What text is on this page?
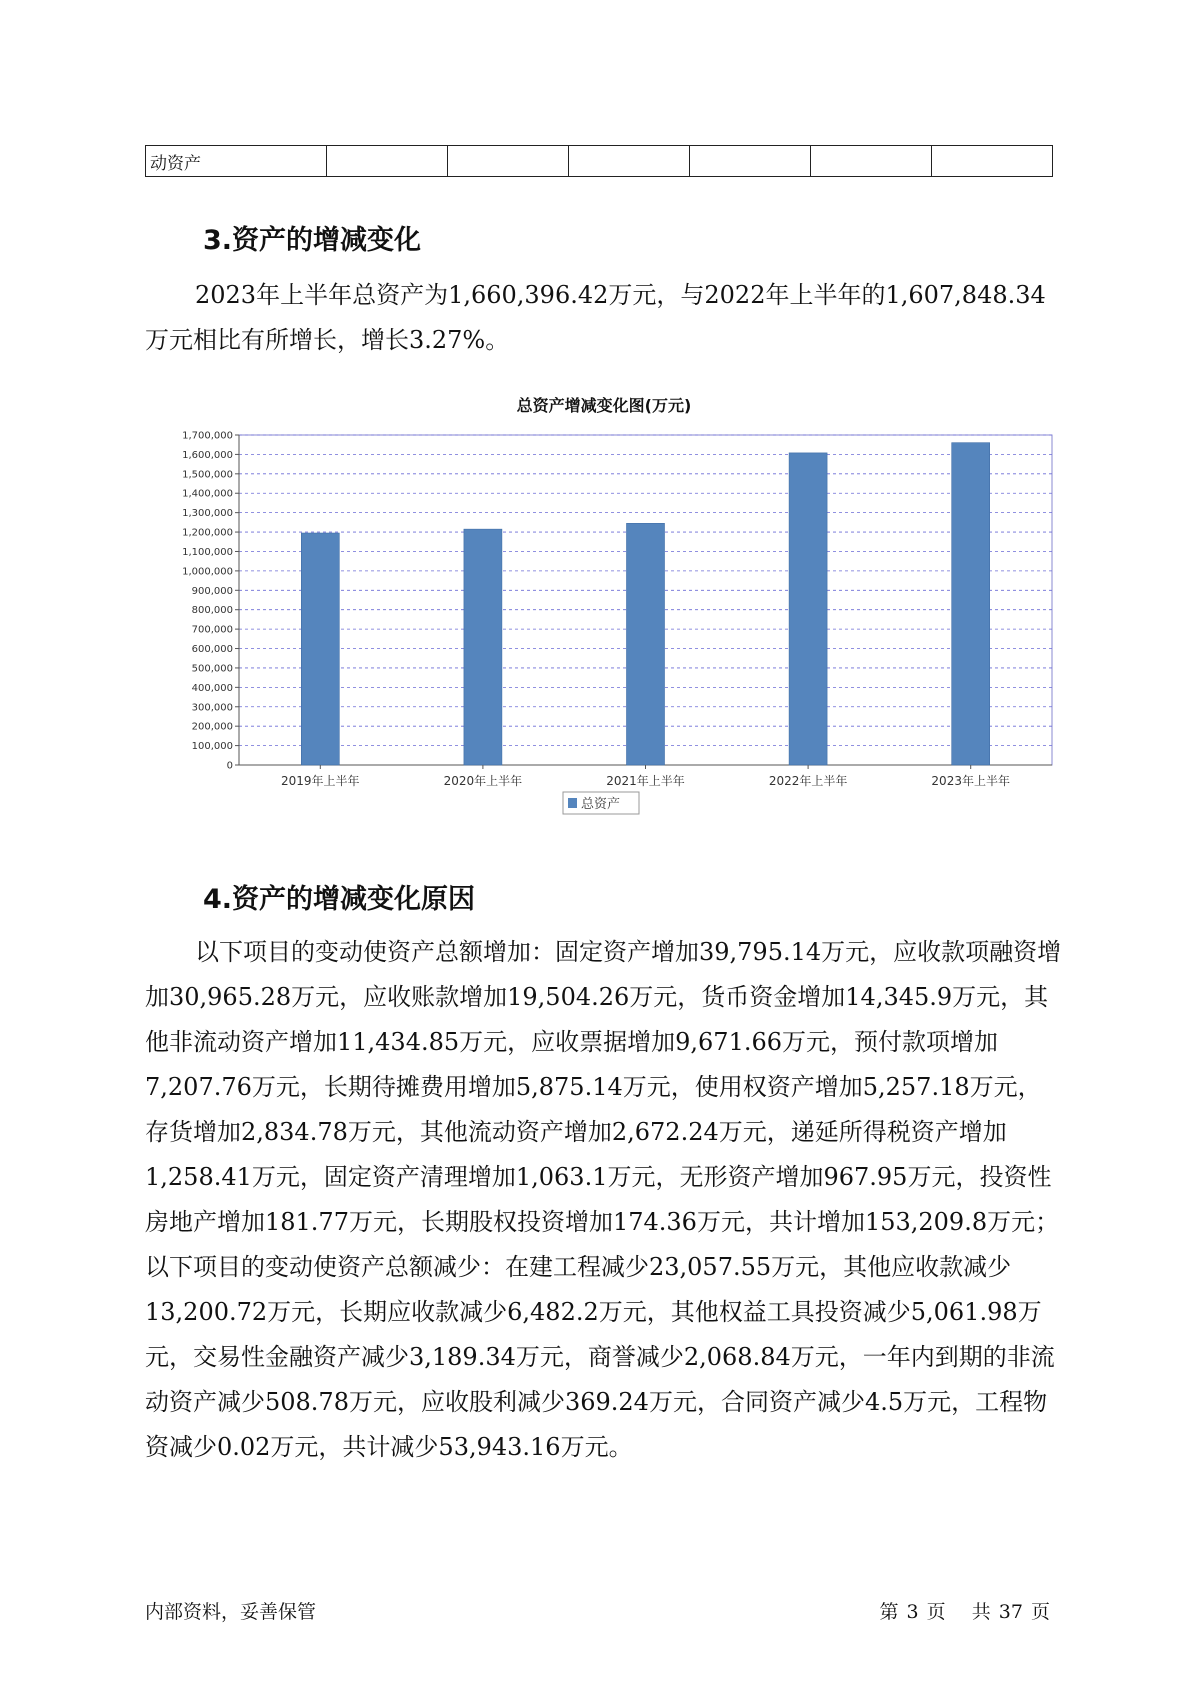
动资产						
3.资产的增减变化

2023年上半年总资产为1,660,396.42万元，与2022年上半年的1,607,848.34万元相比有所增长，增长3.27%。

总资产增减变化图(万元)
0
100,000
200,000
300,000
400,000
500,000
600,000
700,000
800,000
900,000
1,000,000
1,100,000
1,200,000
1,300,000
1,400,000
1,500,000
1,600,000
1,700,000
2019年上半年	2020年上半年	2021年上半年	2022年上半年	2023年上半年
总资产
4.资产的增减变化原因

以下项目的变动使资产总额增加：固定资产增加39,795.14万元，应收款项融资增加30,965.28万元，应收账款增加19,504.26万元，货币资金增加14,345.9万元，其他非流动资产增加11,434.85万元，应收票据增加9,671.66万元，预付款项增加7,207.76万元，长期待摊费用增加5,875.14万元，使用权资产增加5,257.18万元，存货增加2,834.78万元，其他流动资产增加2,672.24万元，递延所得税资产增加1,258.41万元，固定资产清理增加1,063.1万元，无形资产增加967.95万元，投资性房地产增加181.77万元，长期股权投资增加174.36万元，共计增加153,209.8万元；以下项目的变动使资产总额减少：在建工程减少23,057.55万元，其他应收款减少13,200.72万元，长期应收款减少6,482.2万元，其他权益工具投资减少5,061.98万元，交易性金融资产减少3,189.34万元，商誉减少2,068.84万元，一年内到期的非流动资产减少508.78万元，应收股利减少369.24万元，合同资产减少4.5万元，工程物资减少0.02万元，共计减少53,943.16万元。

内部资料，妥善保管	第 3 页 共 37 页
